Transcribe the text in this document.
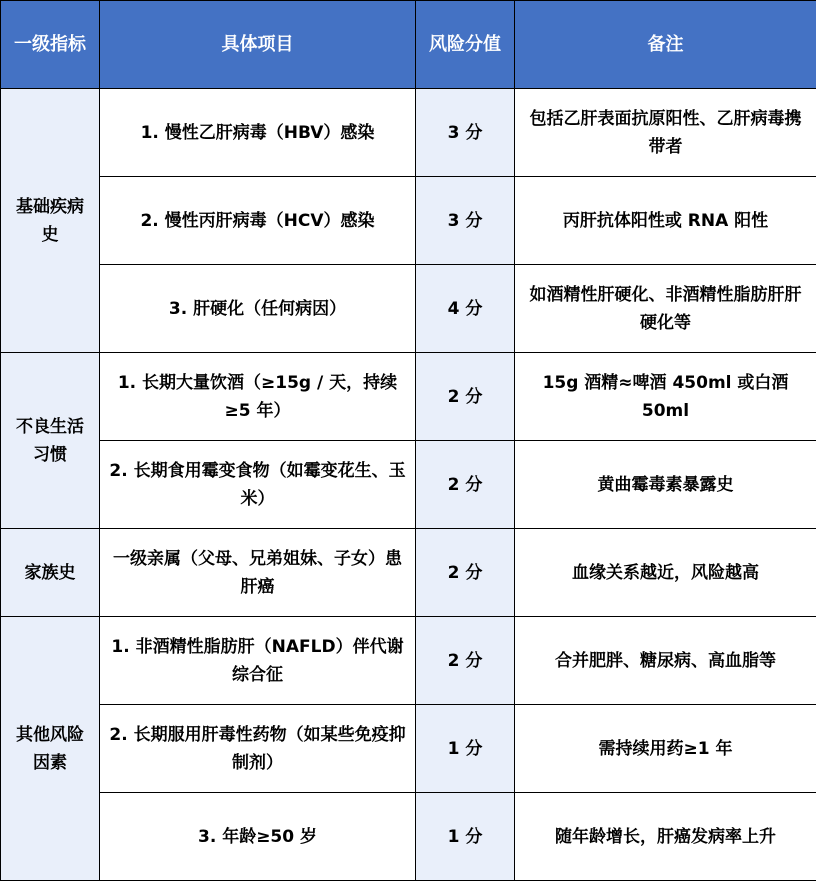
一级指标	具体项目	风险分值	备注
基础疾病史	1. 慢性乙肝病毒（HBV）感染	3 分	包括乙肝表面抗原阳性、乙肝病毒携带者
	2. 慢性丙肝病毒（HCV）感染	3 分	丙肝抗体阳性或 RNA 阳性
	3. 肝硬化（任何病因）	4 分	如酒精性肝硬化、非酒精性脂肪肝肝硬化等
不良生活习惯	1. 长期大量饮酒（≥15g / 天，持续≥5 年）	2 分	15g 酒精≈啤酒 450ml 或白酒 50ml
	2. 长期食用霉变食物（如霉变花生、玉米）	2 分	黄曲霉毒素暴露史
家族史	一级亲属（父母、兄弟姐妹、子女）患肝癌	2 分	血缘关系越近，风险越高
其他风险因素	1. 非酒精性脂肪肝（NAFLD）伴代谢综合征	2 分	合并肥胖、糖尿病、高血脂等
	2. 长期服用肝毒性药物（如某些免疫抑制剂）	1 分	需持续用药≥1 年
	3. 年龄≥50 岁	1 分	随年龄增长，肝癌发病率上升
